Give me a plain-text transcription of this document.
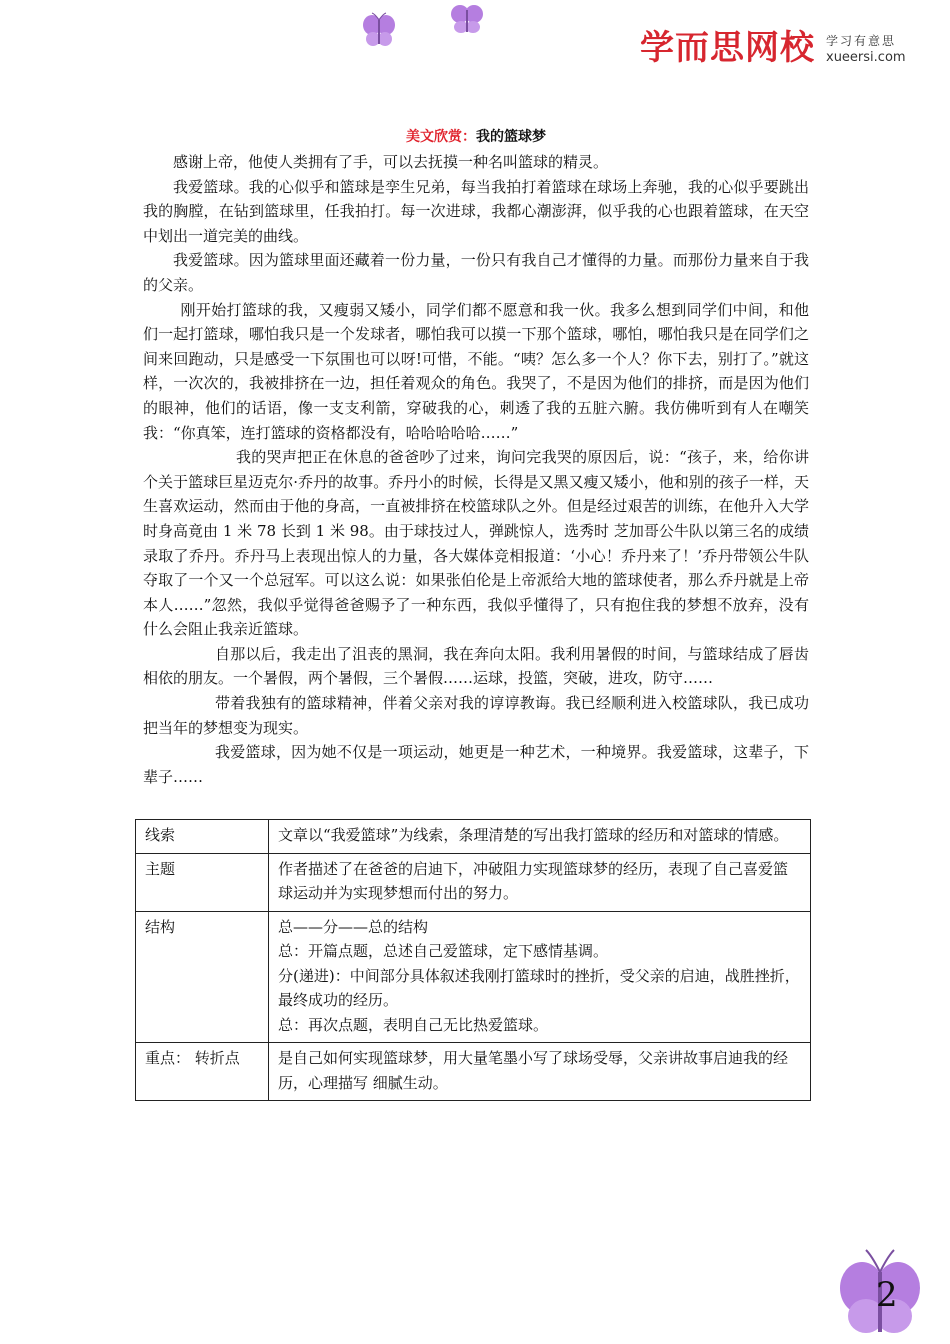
学而思网校 学习有意思
xueersi.com

美文欣赏：我的篮球梦

感谢上帝，他使人类拥有了手，可以去抚摸一种名叫篮球的精灵。

我爱篮球。我的心似乎和篮球是孪生兄弟，每当我拍打着篮球在球场上奔驰，我的心似乎要跳出我的胸膛，在钻到篮球里，任我拍打。每一次进球，我都心潮澎湃，似乎我的心也跟着篮球，在天空中划出一道完美的曲线。

我爱篮球。因为篮球里面还藏着一份力量，一份只有我自己才懂得的力量。而那份力量来自于我的父亲。

刚开始打篮球的我，又瘦弱又矮小，同学们都不愿意和我一伙。我多么想到同学们中间，和他们一起打篮球，哪怕我只是一个发球者，哪怕我可以摸一下那个篮球，哪怕，哪怕我只是在同学们之间来回跑动，只是感受一下氛围也可以呀!可惜，不能。“咦？怎么多一个人？你下去，别打了。”就这样，一次次的，我被排挤在一边，担任着观众的角色。我哭了，不是因为他们的排挤，而是因为他们的眼神，他们的话语，像一支支利箭，穿破我的心，刺透了我的五脏六腑。我仿佛听到有人在嘲笑我：“你真笨，连打篮球的资格都没有，哈哈哈哈哈……”

我的哭声把正在休息的爸爸吵了过来，询问完我哭的原因后，说：“孩子，来，给你讲个关于篮球巨星迈克尔·乔丹的故事。乔丹小的时候，长得是又黑又瘦又矮小，他和别的孩子一样，天生喜欢运动，然而由于他的身高，一直被排挤在校篮球队之外。但是经过艰苦的训练，在他升入大学时身高竟由 1 米 78 长到 1 米 98。由于球技过人，弹跳惊人，选秀时 芝加哥公牛队以第三名的成绩录取了乔丹。乔丹马上表现出惊人的力量，各大媒体竞相报道：‘小心！乔丹来了！’乔丹带领公牛队夺取了一个又一个总冠军。可以这么说：如果张伯伦是上帝派给大地的篮球使者，那么乔丹就是上帝本人……”忽然，我似乎觉得爸爸赐予了一种东西，我似乎懂得了，只有抱住我的梦想不放弃，没有什么会阻止我亲近篮球。

自那以后，我走出了沮丧的黑洞，我在奔向太阳。我利用暑假的时间，与篮球结成了唇齿相依的朋友。一个暑假，两个暑假，三个暑假……运球，投篮，突破，进攻，防守……

带着我独有的篮球精神，伴着父亲对我的谆谆教诲。我已经顺利进入校篮球队，我已成功把当年的梦想变为现实。

我爱篮球，因为她不仅是一项运动，她更是一种艺术，一种境界。我爱篮球，这辈子，下辈子……

线索	文章以“我爱篮球”为线索，条理清楚的写出我打篮球的经历和对篮球的情感。

主题	作者描述了在爸爸的启迪下，冲破阻力实现篮球梦的经历，表现了自己喜爱篮球运动并为实现梦想而付出的努力。

结构	总——分——总的结构
总：开篇点题，总述自己爱篮球，定下感情基调。
分(递进)：中间部分具体叙述我刚打篮球时的挫折，受父亲的启迪，战胜挫折，最终成功的经历。
总：再次点题，表明自己无比热爱篮球。

重点： 转折点	是自己如何实现篮球梦，用大量笔墨小写了球场受辱，父亲讲故事启迪我的经历，心理描写 细腻生动。
2
